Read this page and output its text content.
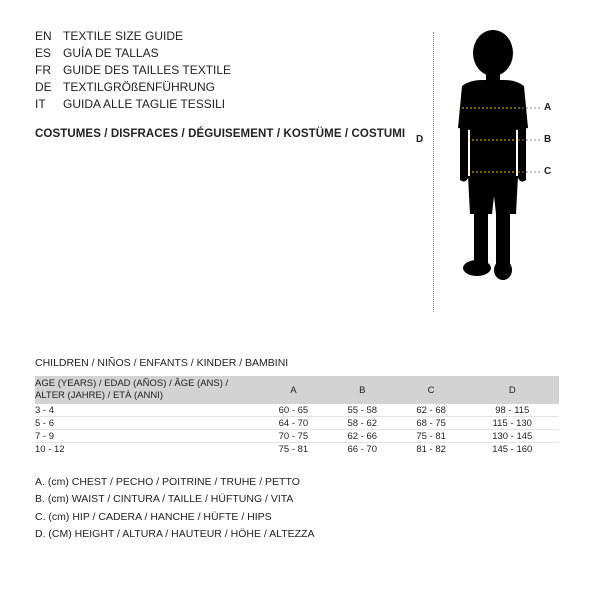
EN TEXTILE SIZE GUIDE
ES GUÍA DE TALLAS
FR	GUIDE DES TAILLES TEXTILE
DE TEXTILGRÖßENFÜHRUNG
IT	GUIDA ALLE TAGLIE TESSILI
COSTUMES / DISFRACES / DÉGUISEMENT / KOSTÜME / COSTUMI D
A
B
C
CHILDREN / NIÑOS / ENFANTS / KINDER / BAMBINI
AGE (YEARS) / EDAD (AÑOS) / ÂGE (ANS) /
ALTER (JAHRE) / ETÀ (ANNI)	A	B	C	D
3 - 4	60 - 65	55 - 58	62 - 68	98 - 115
5 - 6	64 - 70	58 - 62	68 - 75	115 - 130
7 - 9	70 - 75	62 - 66	75 - 81	130 - 145
10 - 12	75 - 81	66 - 70	81 - 82	145 - 160
A. (cm) CHEST / PECHO / POITRINE / TRUHE / PETTO
B. (cm) WAIST / CINTURA / TAILLE / HÜFTUNG / VITA
C. (cm) HIP / CADERA / HANCHE / HÜFTE / HIPS
D. (CM) HEIGHT / ALTURA / HAUTEUR / HÖHE / ALTEZZA
